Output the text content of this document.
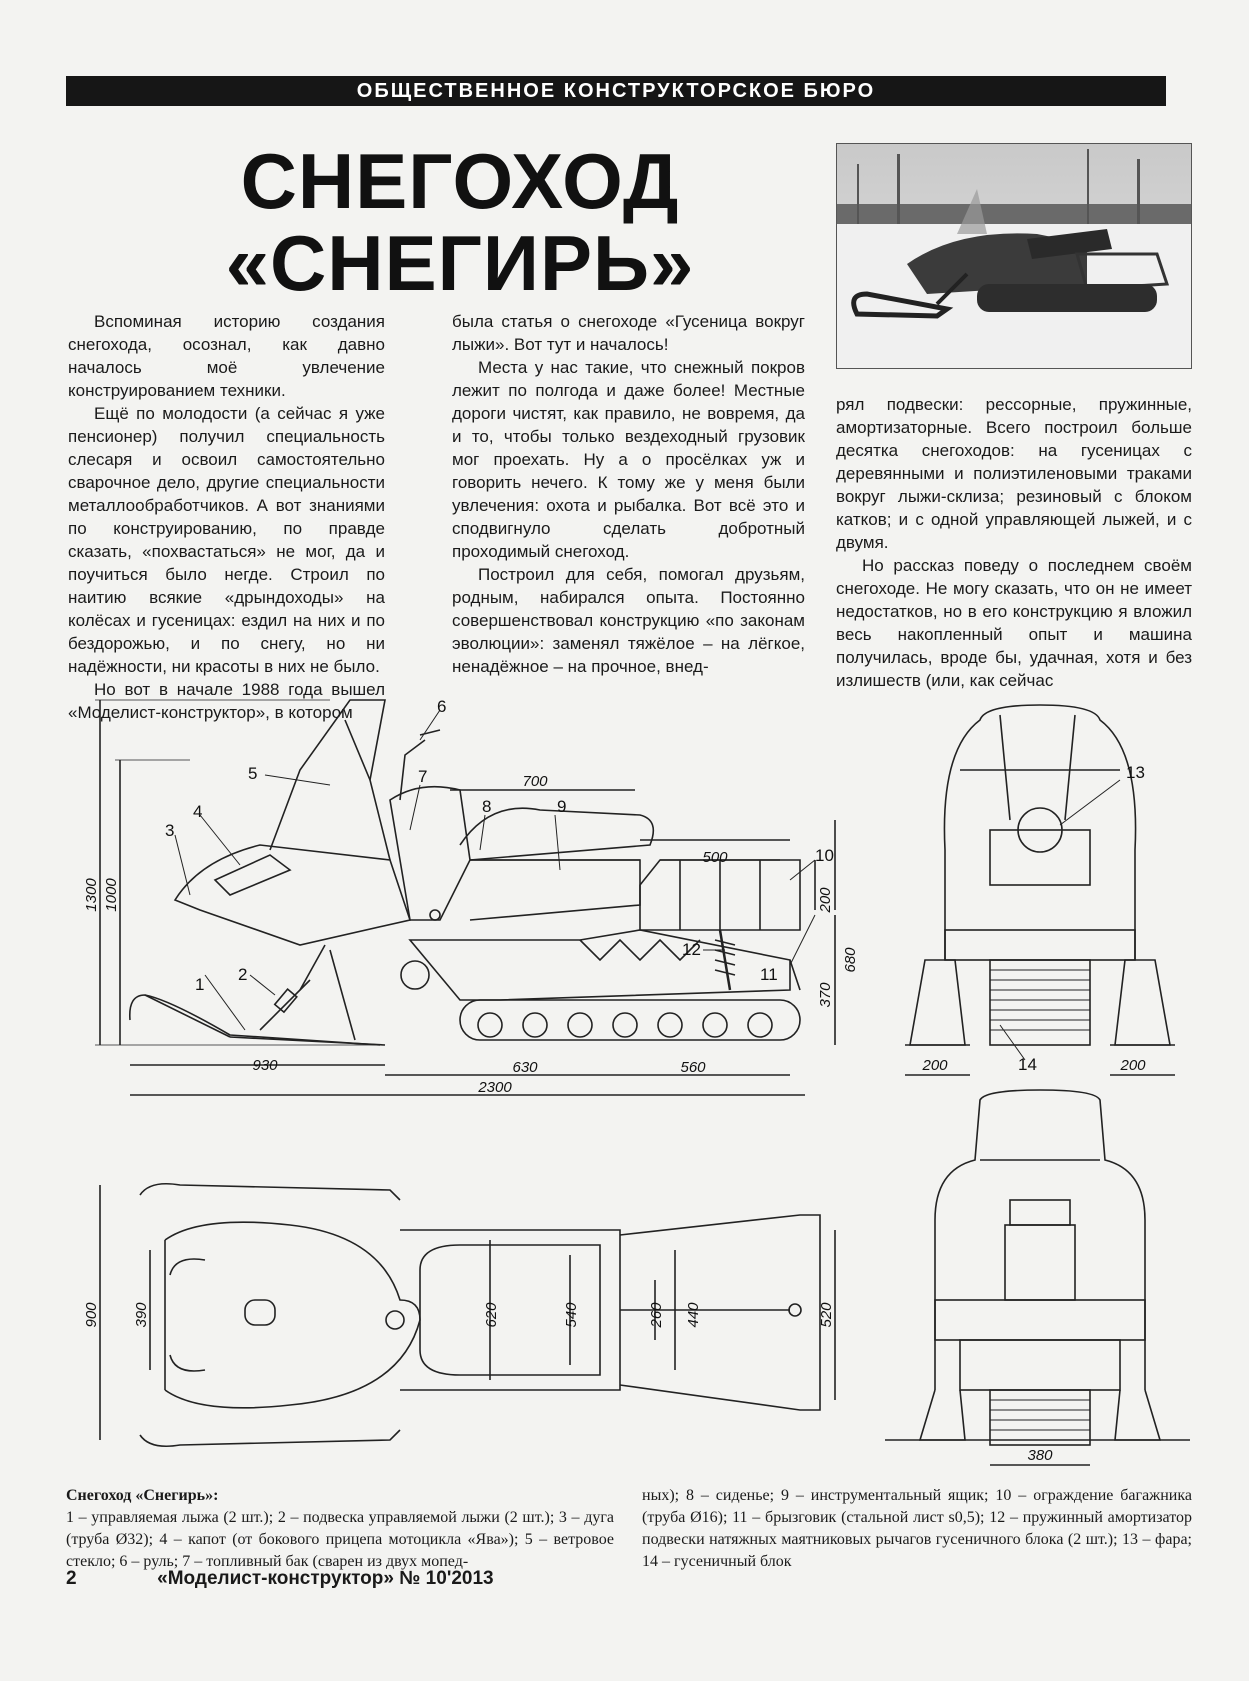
ОБЩЕСТВЕННОЕ КОНСТРУКТОРСКОЕ БЮРО
СНЕГОХОД
«СНЕГИРЬ»

Вспоминая историю создания снегохода, осознал, как давно началось моё увлечение конструированием техники.

Ещё по молодости (а сейчас я уже пенсионер) получил специальность слесаря и освоил самостоятельно сварочное дело, другие специальности металлообработчиков. А вот знаниями по конструированию, по правде сказать, «похвастаться» не мог, да и поучиться было негде. Строил по наитию всякие «дрындоходы» на колёсах и гусеницах: ездил на них и по бездорожью, и по снегу, но ни надёжности, ни красоты в них не было.

Но вот в начале 1988 года вышел «Моделист-конструктор», в котором

была статья о снегоходе «Гусеница вокруг лыжи». Вот тут и началось!

Места у нас такие, что снежный покров лежит по полгода и даже более! Местные дороги чистят, как правило, не вовремя, да и то, чтобы только вездеходный грузовик мог проехать. Ну а о просёлках уж и говорить нечего. К тому же у меня были увлечения: охота и рыбалка. Вот всё это и сподвигнуло сделать добротный проходимый снегоход.

Построил для себя, помогал друзьям, родным, набирался опыта. Постоянно совершенствовал конструкцию «по законам эволюции»: заменял тяжёлое – на лёгкое, ненадёжное – на прочное, внед-

рял подвески: рессорные, пружинные, амортизаторные. Всего построил больше десятка снегоходов: на гусеницах с деревянными и полиэтиленовыми траками вокруг лыжи-склиза; резиновый с блоком катков; и с одной управляющей лыжей, и с двумя.

Но рассказ поведу о последнем своём снегоходе. Не могу сказать, что он не имеет недостатков, но в его конструкцию я вложил весь накопленный опыт и машина получилась, вроде бы, удачная, хотя и без излишеств (или, как сейчас

1300 1000
700
500
200
680
370
930	630	560
2300
200	200
900 390	620	540	260 440	520
380
1
2
3
4
5
6
7
8	9
10
11
12
13
14
Снегоход «Снегирь»:
1 – управляемая лыжа (2 шт.); 2 – подвеска управляемой лыжи (2 шт.); 3 – дуга (труба Ø32); 4 – капот (от бокового прицепа мотоцикла «Ява»); 5 – ветровое стекло; 6 – руль; 7 – топливный бак (сварен из двух мопед-
ных); 8 – сиденье; 9 – инструментальный ящик; 10 – ограждение багажника (труба Ø16); 11 – брызговик (стальной лист s0,5); 12 – пружинный амортизатор подвески натяжных маятниковых рычагов гусеничного блока (2 шт.); 13 – фара; 14 – гусеничный блок
2	«Моделист-конструктор» № 10'2013
